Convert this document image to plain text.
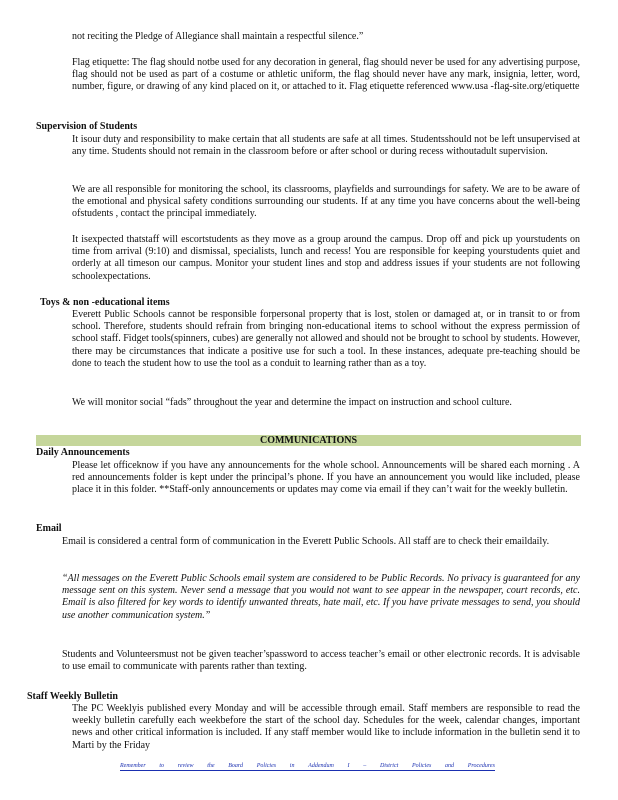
not reciting the Pledge of Allegiance shall maintain a respectful silence.”

Flag etiquette: The flag should notbe used for any decoration in general, flag should never be used for any advertising purpose, flag should not be used as part of a costume or athletic uniform, the flag should never have any mark, insignia, letter, word, number, figure, or drawing of any kind placed on it, or attached to it. Flag etiquette referenced www.usa -flag-site.org/etiquette

Supervision of Students

It isour duty and responsibility to make certain that all students are safe at all times. Studentsshould not be left unsupervised at any time. Students should not remain in the classroom before or after school or during recess withoutadult supervision.

We are all responsible for monitoring the school, its classrooms, playfields and surroundings for safety. We are to be aware of the emotional and physical safety conditions surrounding our students. If at any time you have concerns about the well-being ofstudents , contact the principal immediately.

It isexpected thatstaff will escortstudents as they move as a group around the campus. Drop off and pick up yourstudents on time from arrival (9:10) and dismissal, specialists, lunch and recess! You are responsible for keeping yourstudents quiet and orderly at all timeson our campus. Monitor your student lines and stop and address issues if your students are not following schoolexpectations.

Toys & non -educational items

Everett Public Schools cannot be responsible forpersonal property that is lost, stolen or damaged at, or in transit to or from school. Therefore, students should refrain from bringing non-educational items to school without the express permission of school staff. Fidget tools(spinners, cubes) are generally not allowed and should not be brought to school by students. However, there may be circumstances that indicate a positive use for such a tool. In these instances, adequate pre-teaching should be done to teach the student how to use the tool as a conduit to learning rather than as a toy.

We will monitor social “fads” throughout the year and determine the impact on instruction and school culture.

COMMUNICATIONS

Daily Announcements

Please let officeknow if you have any announcements for the whole school. Announcements will be shared each morning . A red announcements folder is kept under the principal’s phone. If you have an announcement you would like included, please place it in this folder. **Staff-only announcements or updates may come via email if they can’t wait for the weekly bulletin.

Email

Email is considered a central form of communication in the Everett Public Schools. All staff are to check their emaildaily.

“All messages on the Everett Public Schools email system are considered to be Public Records. No privacy is guaranteed for any message sent on this system. Never send a message that you would not want to see appear in the newspaper, court records, etc. Email is also filtered for key words to identify unwanted threats, hate mail, etc. If you have private messages to send, you should use another communication system.”

Students and Volunteersmust not be given teacher’spassword to access teacher’s email or other electronic records. It is advisable to use email to communicate with parents rather than texting.

Staff Weekly Bulletin

The PC Weeklyis published every Monday and will be accessible through email. Staff members are responsible to read the weekly bulletin carefully each weekbefore the start of the school day. Schedules for the week, calendar changes, important news and other critical information is included. If any staff member would like to include information in the bulletin send it to Marti by the Friday

Remember to review the Board Policies in Addendum I – District Policies and Procedures
